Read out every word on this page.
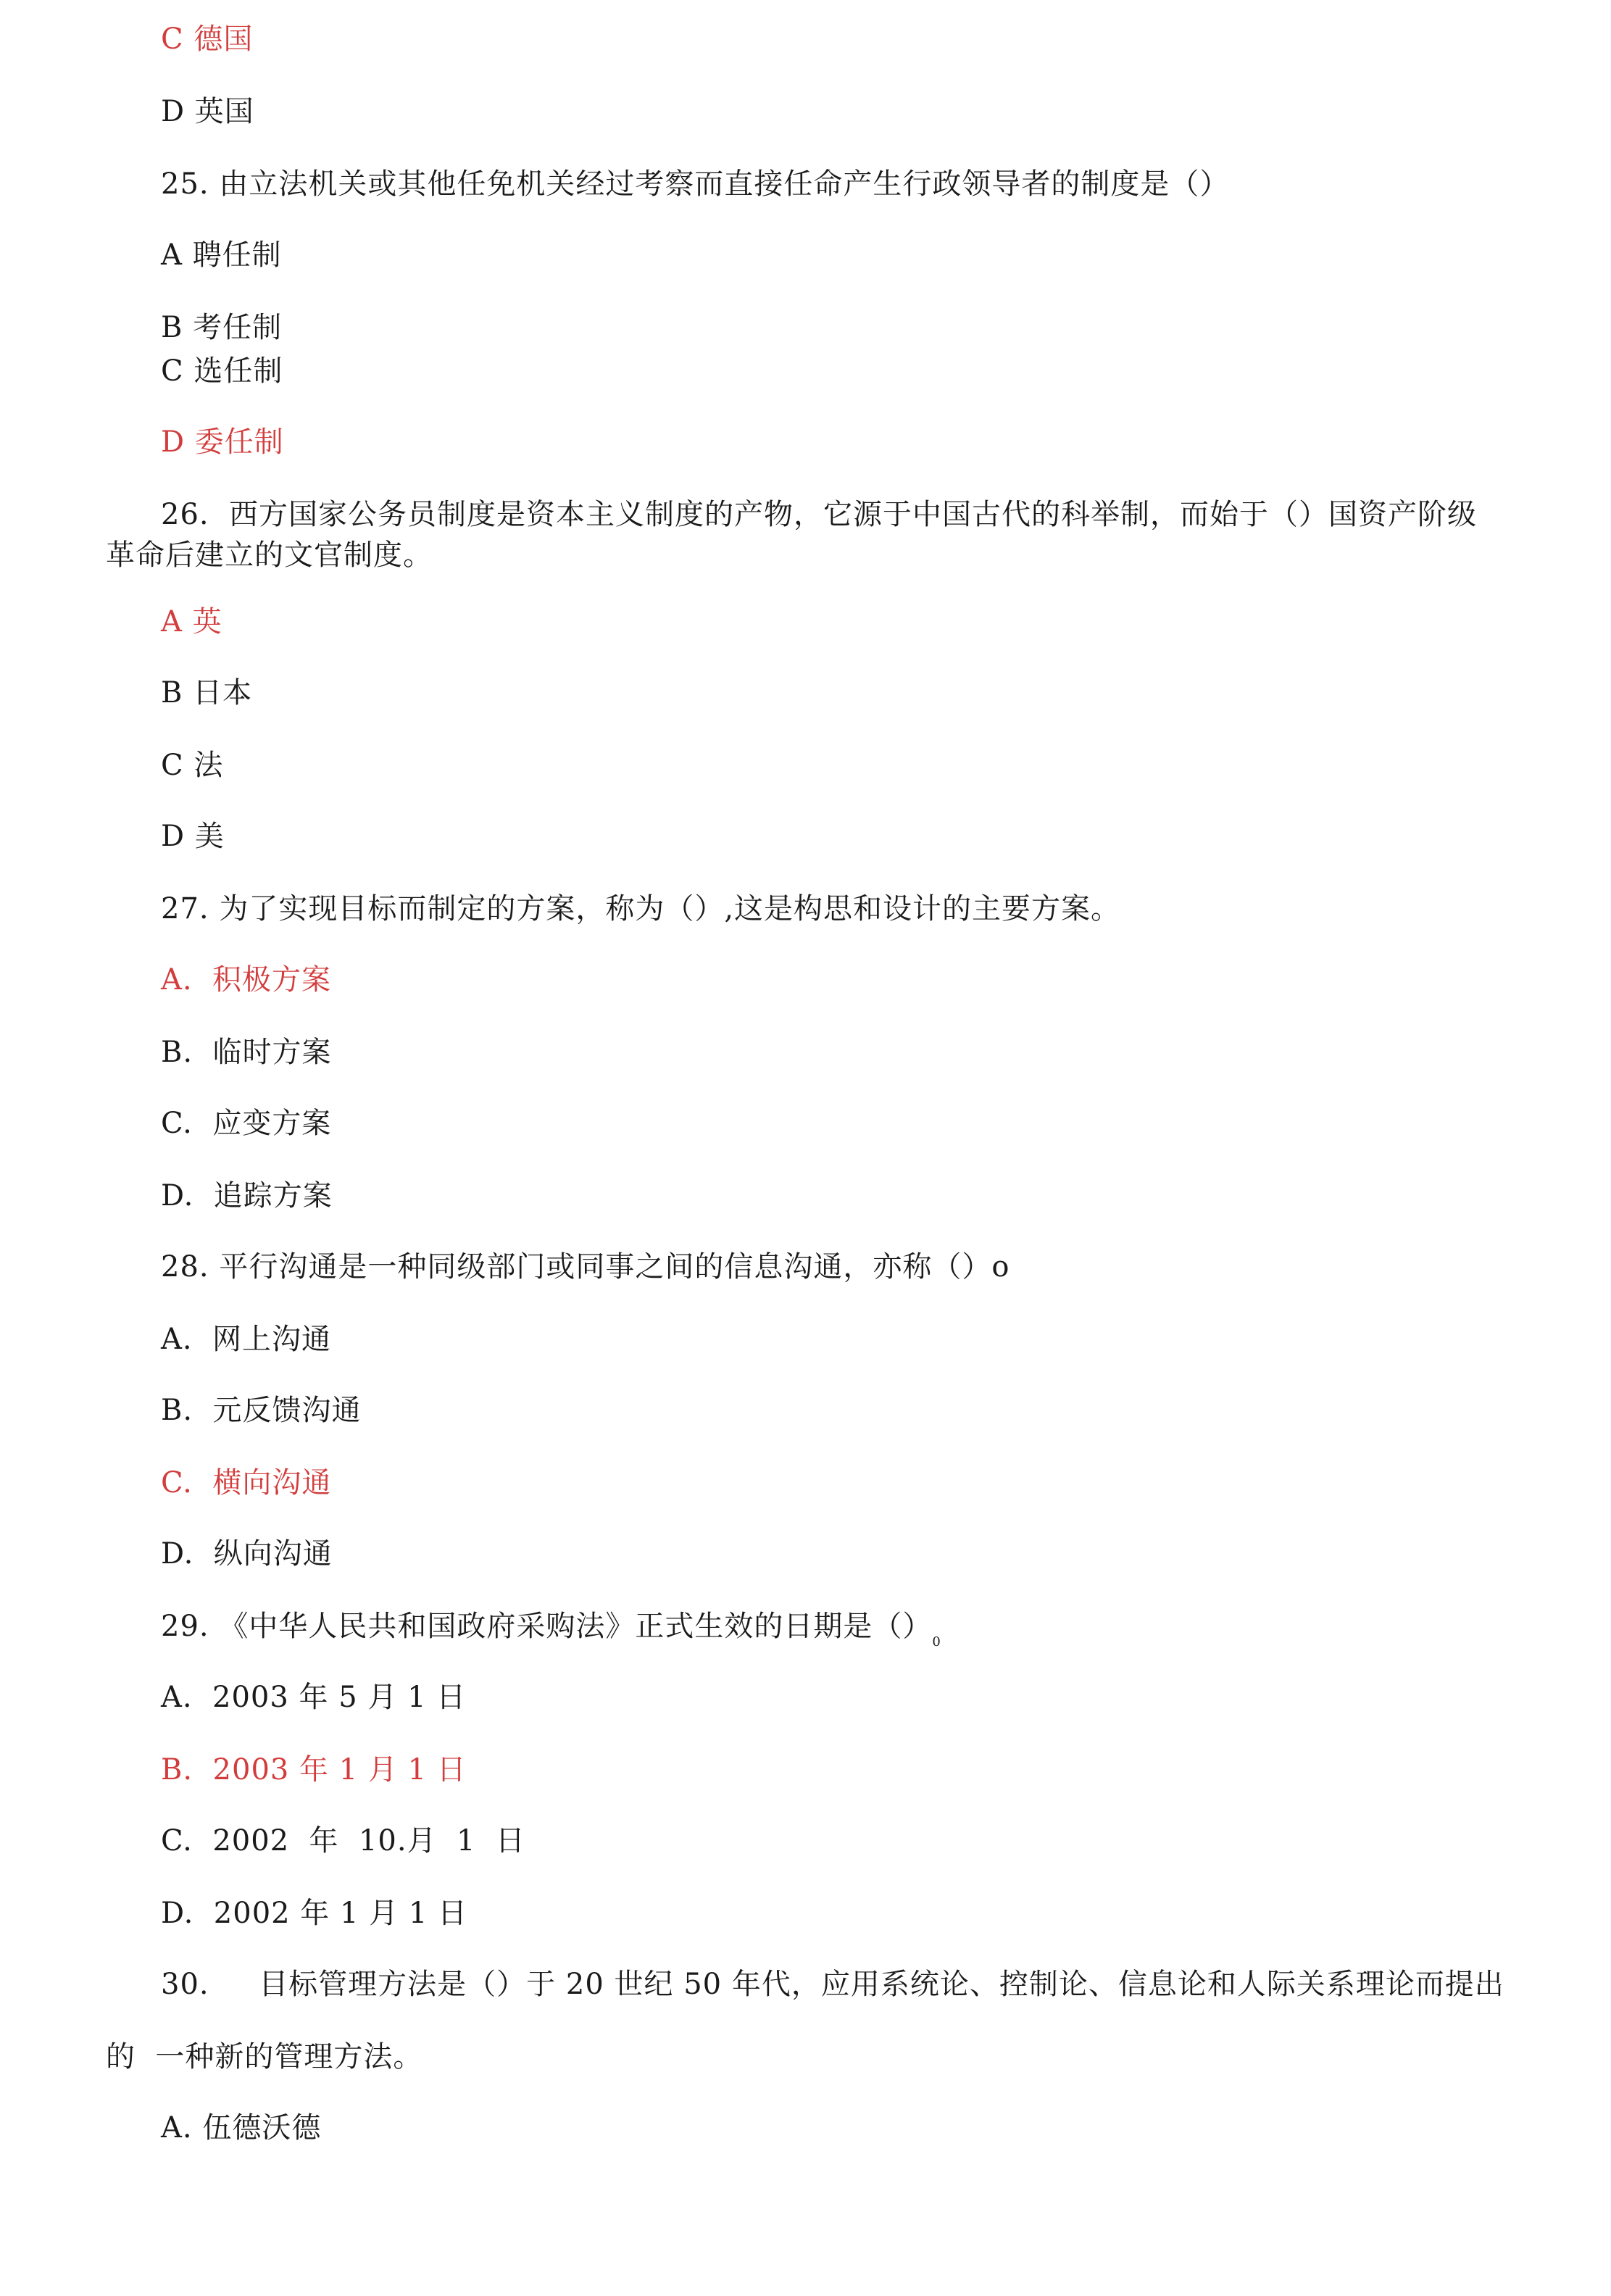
C 德国
D 英国
25. 由立法机关或其他任免机关经过考察而直接任命产生行政领导者的制度是（）
A 聘任制
B 考任制
C 选任制
D 委任制
26.  西方国家公务员制度是资本主义制度的产物，它源于中国古代的科举制，而始于（）国资产阶级
革命后建立的文官制度。
A 英
B 日本
C 法
D 美
27. 为了实现目标而制定的方案，称为（）,这是构思和设计的主要方案。
A.  积极方案
B.  临时方案
C.  应变方案
D.  追踪方案
28. 平行沟通是一种同级部门或同事之间的信息沟通，亦称（）o
A.  网上沟通
B.  元反馈沟通
C.  横向沟通
D.  纵向沟通
29. 《中华人民共和国政府采购法》正式生效的日期是$()_0$
A.  2003 年 5 月 1 日
B.  2003 年 1 月 1 日
C.  2002  年  10.月  1  日
D.  2002 年 1 月 1 日
30.     目标管理方法是（）于 20 世纪 50 年代，应用系统论、控制论、信息论和人际关系理论而提出
的  一种新的管理方法。
A. 伍德沃德
